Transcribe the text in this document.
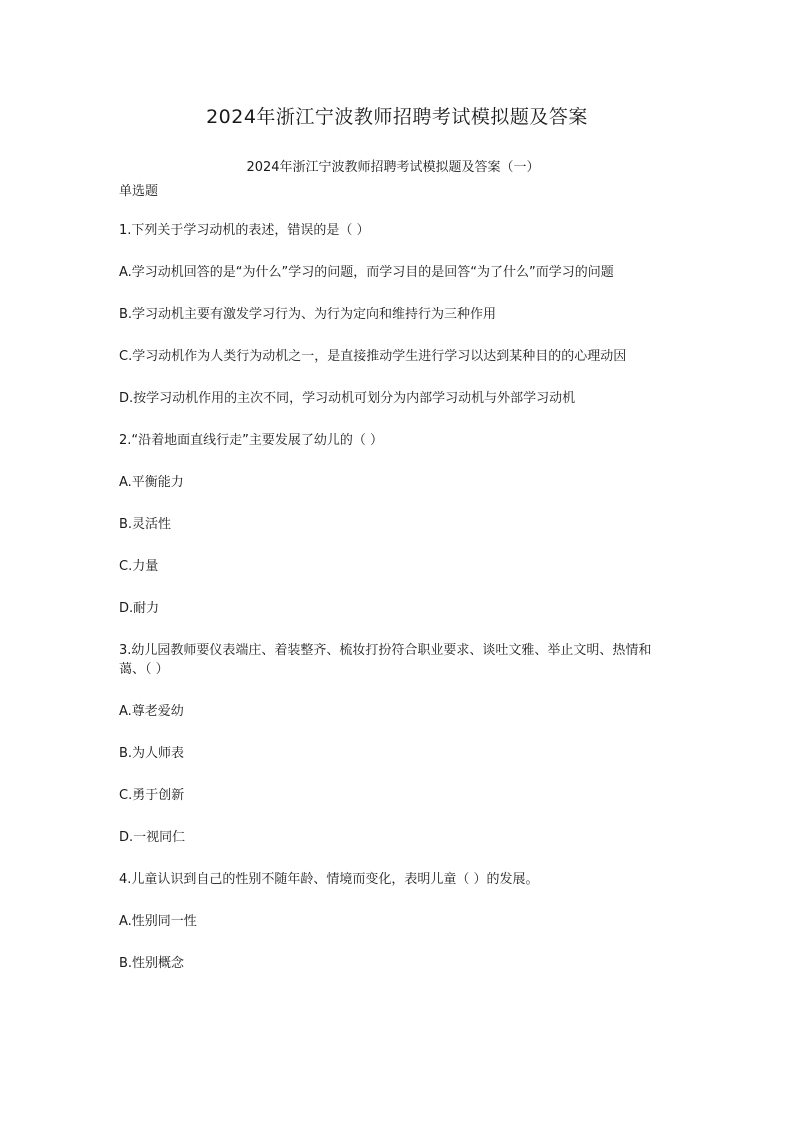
2024年浙江宁波教师招聘考试模拟题及答案
2024年浙江宁波教师招聘考试模拟题及答案（一）

单选题

1.下列关于学习动机的表述，错误的是（ ）

A.学习动机回答的是“为什么”学习的问题，而学习目的是回答“为了什么”而学习的问题

B.学习动机主要有激发学习行为、为行为定向和维持行为三种作用

C.学习动机作为人类行为动机之一，是直接推动学生进行学习以达到某种目的的心理动因

D.按学习动机作用的主次不同，学习动机可划分为内部学习动机与外部学习动机

2.“沿着地面直线行走”主要发展了幼儿的（ ）

A.平衡能力

B.灵活性

C.力量

D.耐力

3.幼儿园教师要仪表端庄、着装整齐、梳妆打扮符合职业要求、谈吐文雅、举止文明、热情和蔼、（ ）

A.尊老爱幼

B.为人师表

C.勇于创新

D.一视同仁

4.儿童认识到自己的性别不随年龄、情境而变化，表明儿童（ ）的发展。

A.性别同一性

B.性别概念
